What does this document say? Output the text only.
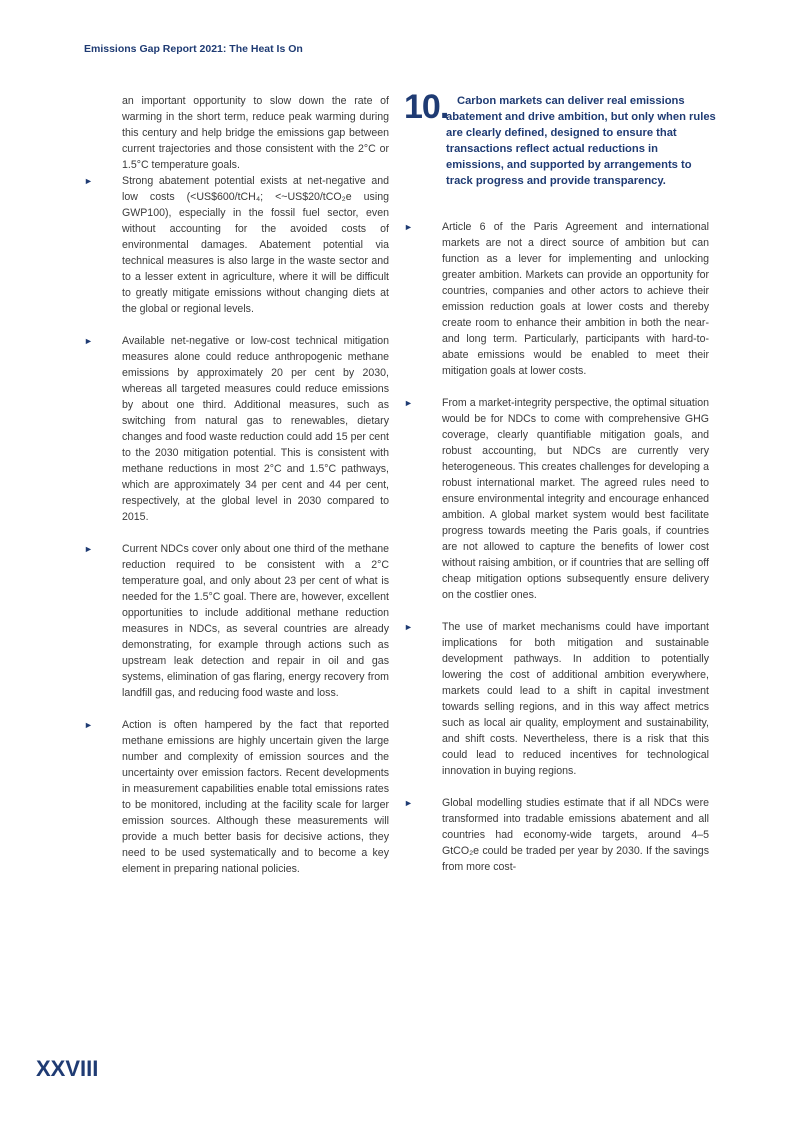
Emissions Gap Report 2021: The Heat Is On

an important opportunity to slow down the rate of warming in the short term, reduce peak warming during this century and help bridge the emissions gap between current trajectories and those consistent with the 2°C or 1.5°C temperature goals.

►	Strong abatement potential exists at net-negative and low costs (<US$600/tCH₄; <~US$20/tCO₂e using GWP100), especially in the fossil fuel sector, even without accounting for the avoided costs of environmental damages. Abatement potential via technical measures is also large in the waste sector and to a lesser extent in agriculture, where it will be difficult to greatly mitigate emissions without changing diets at the global or regional levels.

►	Available net-negative or low-cost technical mitigation measures alone could reduce anthropogenic methane emissions by approximately 20 per cent by 2030, whereas all targeted measures could reduce emissions by about one third. Additional measures, such as switching from natural gas to renewables, dietary changes and food waste reduction could add 15 per cent to the 2030 mitigation potential. This is consistent with methane reductions in most 2°C and 1.5°C pathways, which are approximately 34 per cent and 44 per cent, respectively, at the global level in 2030 compared to 2015.

►	Current NDCs cover only about one third of the methane reduction required to be consistent with a 2°C temperature goal, and only about 23 per cent of what is needed for the 1.5°C goal. There are, however, excellent opportunities to include additional methane reduction measures in NDCs, as several countries are already demonstrating, for example through actions such as upstream leak detection and repair in oil and gas systems, elimination of gas flaring, energy recovery from landfill gas, and reducing food waste and loss.

►	Action is often hampered by the fact that reported methane emissions are highly uncertain given the large number and complexity of emission sources and the uncertainty over emission factors. Recent developments in measurement capabilities enable total emissions rates to be monitored, including at the facility scale for larger emission sources. Although these measurements will provide a much better basis for decisive actions, they need to be used systematically and to become a key element in preparing national policies.

10. Carbon markets can deliver real emissions abatement and drive ambition, but only when rules are clearly defined, designed to ensure that transactions reflect actual reductions in emissions, and supported by arrangements to track progress and provide transparency.
►	Article 6 of the Paris Agreement and international markets are not a direct source of ambition but can function as a lever for implementing and unlocking greater ambition. Markets can provide an opportunity for countries, companies and other actors to achieve their emission reduction goals at lower costs and thereby create room to enhance their ambition in both the near- and long term. Particularly, participants with hard-to-abate emissions would be enabled to meet their mitigation goals at lower costs.

►	From a market-integrity perspective, the optimal situation would be for NDCs to come with comprehensive GHG coverage, clearly quantifiable mitigation goals, and robust accounting, but NDCs are currently very heterogeneous. This creates challenges for developing a robust international market. The agreed rules need to ensure environmental integrity and encourage enhanced ambition. A global market system would best facilitate progress towards meeting the Paris goals, if countries are not allowed to capture the benefits of lower cost without raising ambition, or if countries that are selling off cheap mitigation options subsequently ensure delivery on the costlier ones.

►	The use of market mechanisms could have important implications for both mitigation and sustainable development pathways. In addition to potentially lowering the cost of additional ambition everywhere, markets could lead to a shift in capital investment towards selling regions, and in this way affect metrics such as local air quality, employment and sustainability, and shift costs. Nevertheless, there is a risk that this could lead to reduced incentives for technological innovation in buying regions.

►	Global modelling studies estimate that if all NDCs were transformed into tradable emissions abatement and all countries had economy-wide targets, around 4–5 GtCO₂e could be traded per year by 2030. If the savings from more cost-

XXVIII
